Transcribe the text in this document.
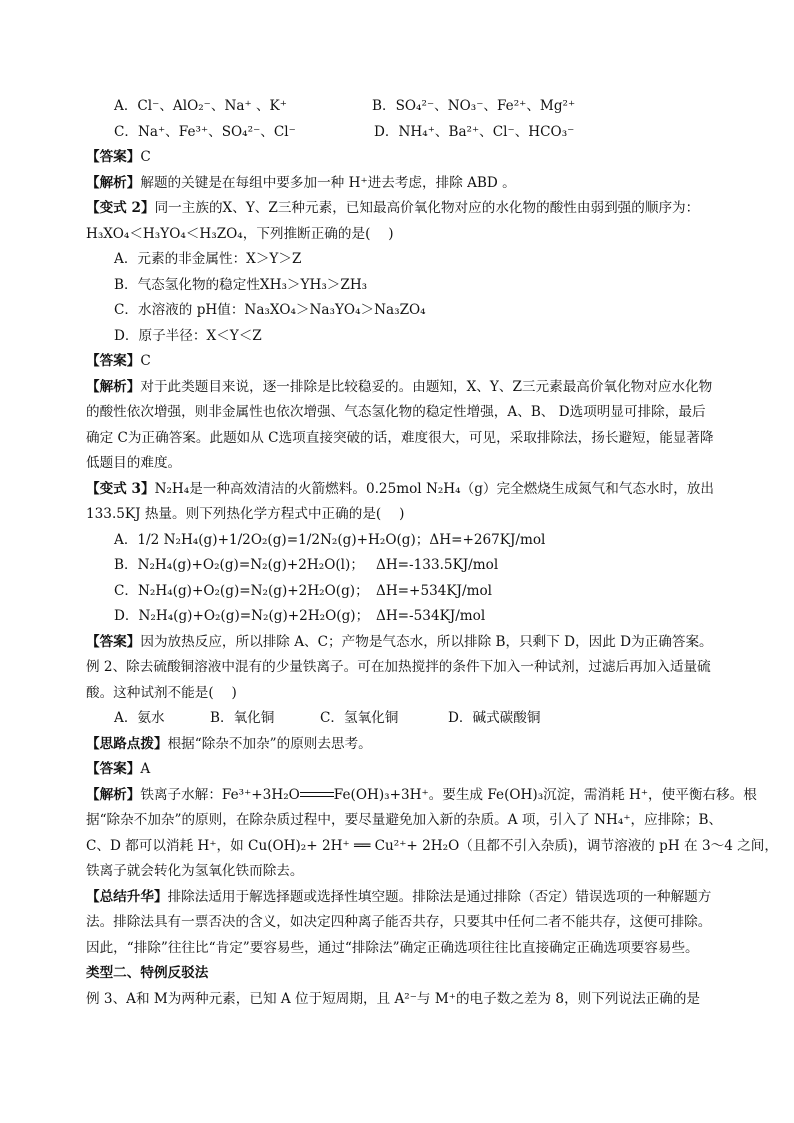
A．Cl⁻、AlO₂⁻、Na⁺ 、K⁺	B．SO₄²⁻、NO₃⁻、Fe²⁺、Mg²⁺
C．Na⁺、Fe³⁺、SO₄²⁻、Cl⁻	D．NH₄⁺、Ba²⁺、Cl⁻、HCO₃⁻
【答案】C
【解析】解题的关键是在每组中要多加一种 H⁺进去考虑，排除 ABD 。
【变式 2】同一主族的X、Y、Z三种元素，已知最高价氧化物对应的水化物的酸性由弱到强的顺序为：
H₃XO₄＜H₃YO₄＜H₃ZO₄，下列推断正确的是(　 )
A．元素的非金属性：X＞Y＞Z
B．气态氢化物的稳定性XH₃＞YH₃＞ZH₃
C．水溶液的 pH值：Na₃XO₄＞Na₃YO₄＞Na₃ZO₄
D．原子半径：X＜Y＜Z
【答案】C
【解析】对于此类题目来说，逐一排除是比较稳妥的。由题知，X、Y、Z三元素最高价氧化物对应水化物
的酸性依次增强，则非金属性也依次增强、气态氢化物的稳定性增强，A、B、 D选项明显可排除，最后
确定 C为正确答案。此题如从 C选项直接突破的话，难度很大，可见，采取排除法，扬长避短，能显著降
低题目的难度。
【变式 3】N₂H₄是一种高效清洁的火箭燃料。0.25mol N₂H₄（g）完全燃烧生成氮气和气态水时，放出
133.5KJ 热量。则下列热化学方程式中正确的是(　 )
A．1/2 N₂H₄(g)+1/2O₂(g)=1/2N₂(g)+H₂O(g)；ΔH=+267KJ/mol
B．N₂H₄(g)+O₂(g)=N₂(g)+2H₂O(l)； ΔH=-133.5KJ/mol
C．N₂H₄(g)+O₂(g)=N₂(g)+2H₂O(g)； ΔH=+534KJ/mol
D．N₂H₄(g)+O₂(g)=N₂(g)+2H₂O(g)； ΔH=-534KJ/mol
【答案】因为放热反应，所以排除 A、C；产物是气态水，所以排除 B，只剩下 D，因此 D为正确答案。
例 2、除去硫酸铜溶液中混有的少量铁离子。可在加热搅拌的条件下加入一种试剂，过滤后再加入适量硫
酸。这种试剂不能是(　 )
A．氨水	B．氧化铜	C．氢氧化铜	D．碱式碳酸铜
【思路点拨】根据“除杂不加杂”的原则去思考。
【答案】A
【解析】铁离子水解：Fe³⁺+3H₂O	Fe(OH)₃+3H⁺。要生成 Fe(OH)₃沉淀，需消耗 H⁺，使平衡右移。根
据“除杂不加杂”的原则，在除杂质过程中，要尽量避免加入新的杂质。A 项，引入了 NH₄⁺，应排除；B、
C、D 都可以消耗 H⁺，如 Cu(OH)₂+ 2H⁺ ══ Cu²⁺+ 2H₂O（且都不引入杂质)，调节溶液的 pH 在 3～4 之间，
铁离子就会转化为氢氧化铁而除去。
【总结升华】排除法适用于解选择题或选择性填空题。排除法是通过排除（否定）错误选项的一种解题方
法。排除法具有一票否决的含义，如决定四种离子能否共存，只要其中任何二者不能共存，这便可排除。
因此，“排除”往往比“肯定”要容易些，通过“排除法”确定正确选项往往比直接确定正确选项要容易些。
类型二、特例反驳法
例 3、A和 M为两种元素，已知 A 位于短周期，且 A²⁻与 M⁺的电子数之差为 8，则下列说法正确的是
